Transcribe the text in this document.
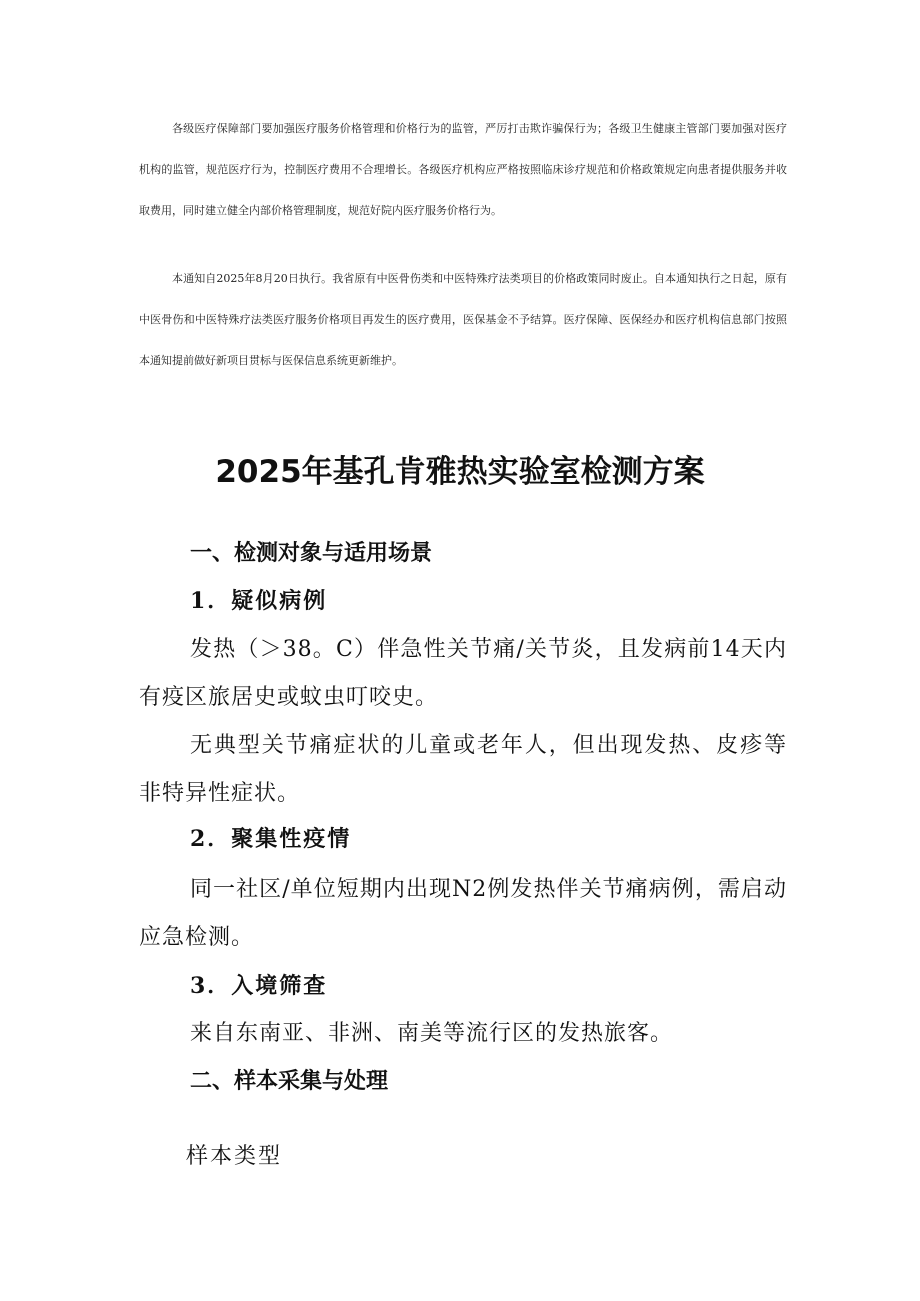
各级医疗保障部门要加强医疗服务价格管理和价格行为的监管，严厉打击欺诈骗保行为；各级卫生健康主管部门要加强对医疗机构的监管，规范医疗行为，控制医疗费用不合理增长。各级医疗机构应严格按照临床诊疗规范和价格政策规定向患者提供服务并收取费用，同时建立健全内部价格管理制度，规范好院内医疗服务价格行为。

本通知自2025年8月20日执行。我省原有中医骨伤类和中医特殊疗法类项目的价格政策同时废止。自本通知执行之日起，原有中医骨伤和中医特殊疗法类医疗服务价格项目再发生的医疗费用，医保基金不予结算。医疗保障、医保经办和医疗机构信息部门按照本通知提前做好新项目贯标与医保信息系统更新维护。

2025年基孔肯雅热实验室检测方案
一、检测对象与适用场景
1．疑似病例

发热（＞38。C）伴急性关节痛/关节炎，且发病前14天内有疫区旅居史或蚊虫叮咬史。

无典型关节痛症状的儿童或老年人，但出现发热、皮疹等非特异性症状。

2．聚集性疫情

同一社区/单位短期内出现N2例发热伴关节痛病例，需启动应急检测。

3．入境筛查

来自东南亚、非洲、南美等流行区的发热旅客。

二、样本采集与处理

样本类型
